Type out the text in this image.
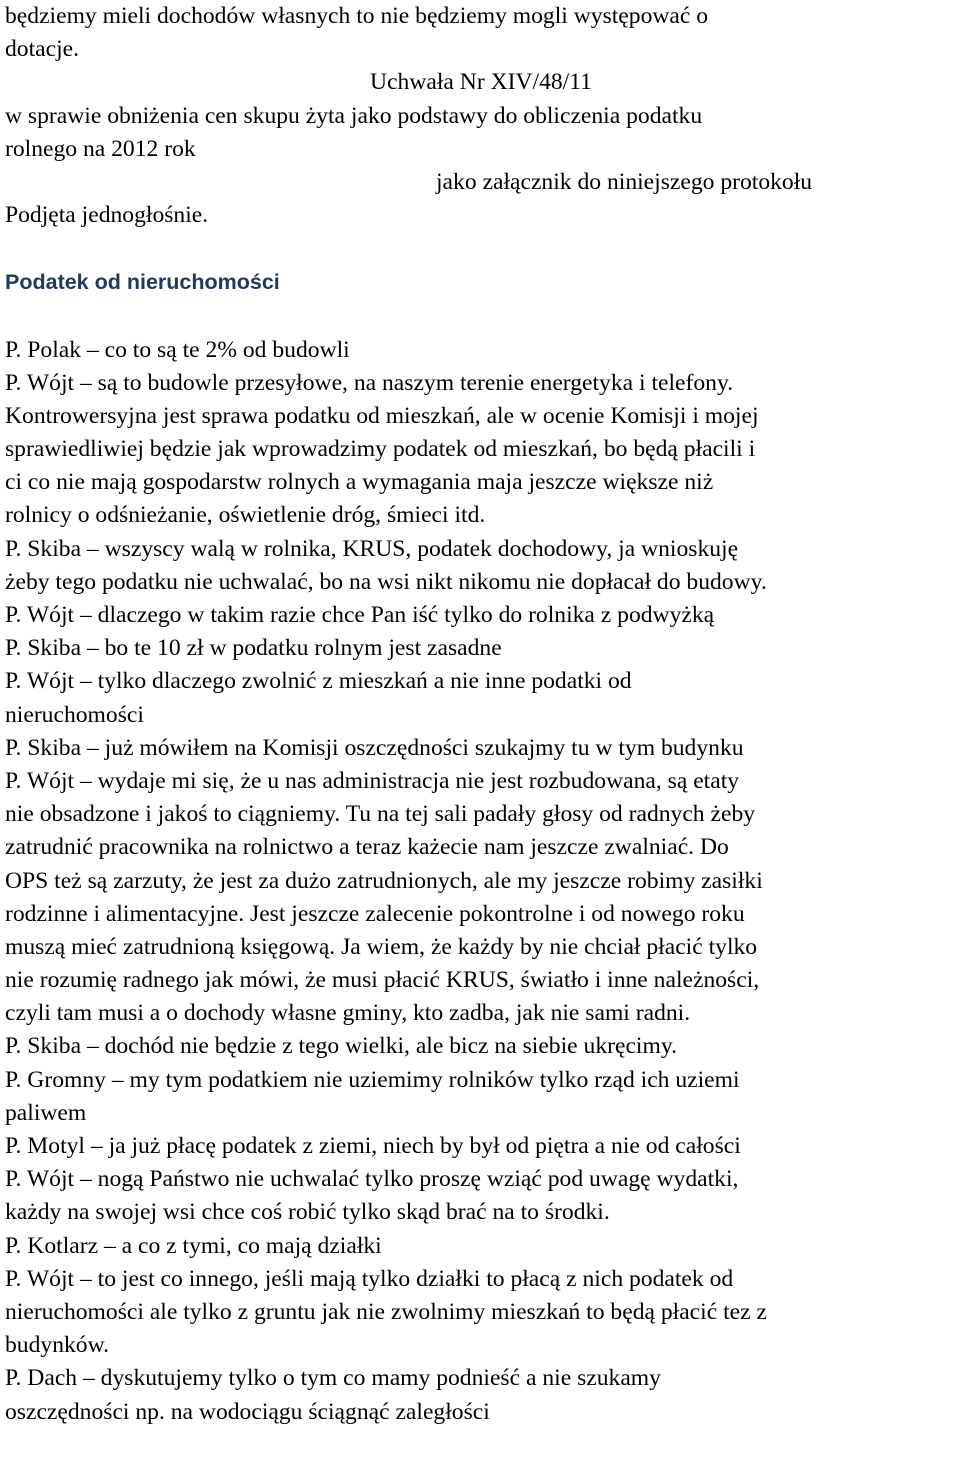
będziemy mieli dochodów własnych to nie będziemy mogli występować o
dotacje.
Uchwała Nr XIV/48/11
w sprawie obniżenia cen skupu żyta jako podstawy do obliczenia podatku
rolnego na 2012 rok
jako załącznik do niniejszego protokołu
Podjęta jednogłośnie.
Podatek od nieruchomości
P. Polak – co to są te 2% od budowli
P. Wójt – są to budowle przesyłowe, na naszym terenie energetyka i telefony.
Kontrowersyjna jest sprawa podatku od mieszkań, ale w ocenie Komisji i mojej
sprawiedliwiej będzie jak wprowadzimy podatek od mieszkań, bo będą płacili i
ci co nie mają gospodarstw rolnych a wymagania maja jeszcze większe niż
rolnicy o odśnieżanie, oświetlenie dróg, śmieci itd.
P. Skiba – wszyscy walą w rolnika, KRUS, podatek dochodowy, ja wnioskuję
żeby tego podatku nie uchwalać, bo na wsi nikt nikomu nie dopłacał do budowy.
P. Wójt – dlaczego w takim razie chce Pan iść tylko do rolnika z podwyżką
P. Skiba – bo te 10 zł w podatku rolnym jest zasadne
P. Wójt – tylko dlaczego zwolnić z mieszkań a nie inne podatki od
nieruchomości
P. Skiba – już mówiłem na Komisji oszczędności szukajmy tu w tym budynku
P. Wójt – wydaje mi się, że u nas administracja nie jest rozbudowana, są etaty
nie obsadzone i jakoś to ciągniemy. Tu na tej sali padały głosy od radnych żeby
zatrudnić pracownika na rolnictwo a teraz każecie nam jeszcze zwalniać. Do
OPS też są zarzuty, że jest za dużo zatrudnionych, ale my jeszcze robimy zasiłki
rodzinne i alimentacyjne. Jest jeszcze zalecenie pokontrolne i od nowego roku
muszą mieć zatrudnioną księgową. Ja wiem, że każdy by nie chciał płacić tylko
nie rozumię radnego jak mówi, że musi płacić KRUS, światło i inne należności,
czyli tam musi a o dochody własne gminy, kto zadba, jak nie sami radni.
P. Skiba – dochód nie będzie z tego wielki, ale bicz na siebie ukręcimy.
P. Gromny – my tym podatkiem nie uziemimy rolników tylko rząd ich uziemi
paliwem
P. Motyl – ja już płacę podatek z ziemi, niech by był od piętra a nie od całości
P. Wójt – nogą Państwo nie uchwalać tylko proszę wziąć pod uwagę wydatki,
każdy na swojej wsi chce coś robić tylko skąd brać na to środki.
P. Kotlarz – a co z tymi, co mają działki
P. Wójt – to jest co innego, jeśli mają tylko działki to płacą z nich podatek od
nieruchomości ale tylko z gruntu jak nie zwolnimy mieszkań to będą płacić tez z
budynków.
P. Dach – dyskutujemy tylko o tym co mamy podnieść a nie szukamy
oszczędności np. na wodociągu ściągnąć zaległości
